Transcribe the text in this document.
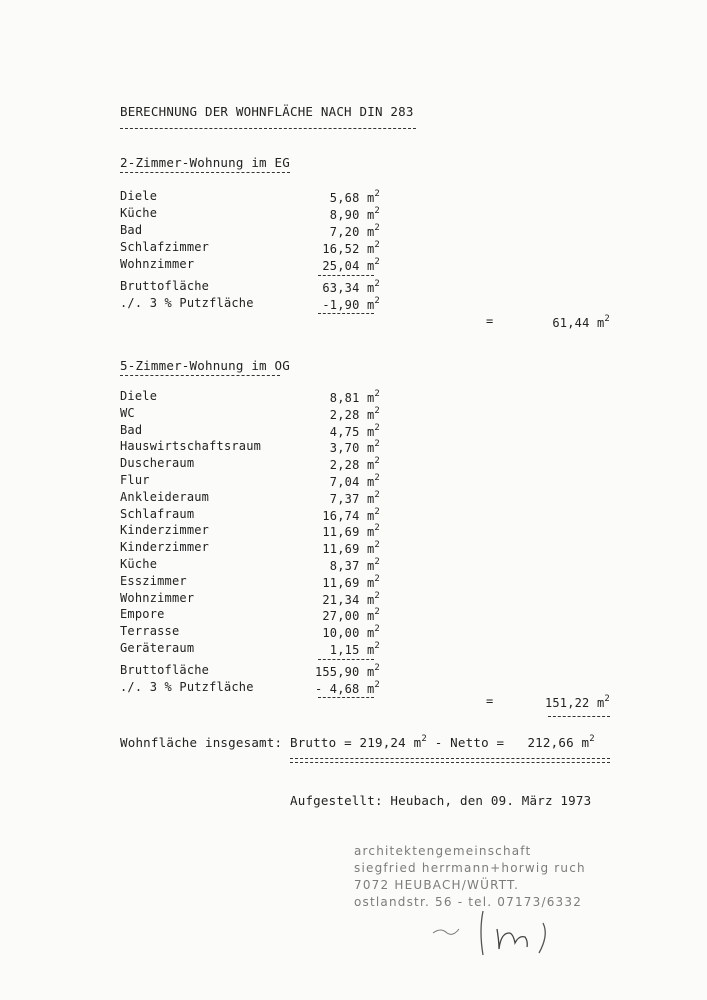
BERECHNUNG DER WOHNFLÄCHE NACH DIN 283
2-Zimmer-Wohnung im EG
Diele	5,68 $m^2$
Küche	8,90 $m^2$
Bad	7,20 $m^2$
Schlafzimmer	16,52 $m^2$
Wohnzimmer	25,04 $m^2$
Bruttofläche	63,34 $m^2$
./. 3 % Putzfläche	-1,90 $m^2$
=	61,44 $m^2$
5-Zimmer-Wohnung im OG
Diele	8,81 $m^2$
WC	2,28 $m^2$
Bad	4,75 $m^2$
Hauswirtschaftsraum	3,70 $m^2$
Duscheraum	2,28 $m^2$
Flur	7,04 $m^2$
Ankleideraum	7,37 $m^2$
Schlafraum	16,74 $m^2$
Kinderzimmer	11,69 $m^2$
Kinderzimmer	11,69 $m^2$
Küche	8,37 $m^2$
Esszimmer	11,69 $m^2$
Wohnzimmer	21,34 $m^2$
Empore	27,00 $m^2$
Terrasse	10,00 $m^2$
Geräteraum	1,15 $m^2$
Bruttofläche	155,90 $m^2$
./. 3 % Putzfläche	- 4,68 $m^2$
=	151,22 $m^2$
Wohnfläche insgesamt: Brutto = 219,24 $m^2$ - Netto = 212,66 $m^2$
Aufgestellt: Heubach, den 09. März 1973
architektengemeinschaft
siegfried herrmann+horwig ruch
7072 HEUBACH/WÜRTT.
ostlandstr. 56 - tel. 07173/6332
